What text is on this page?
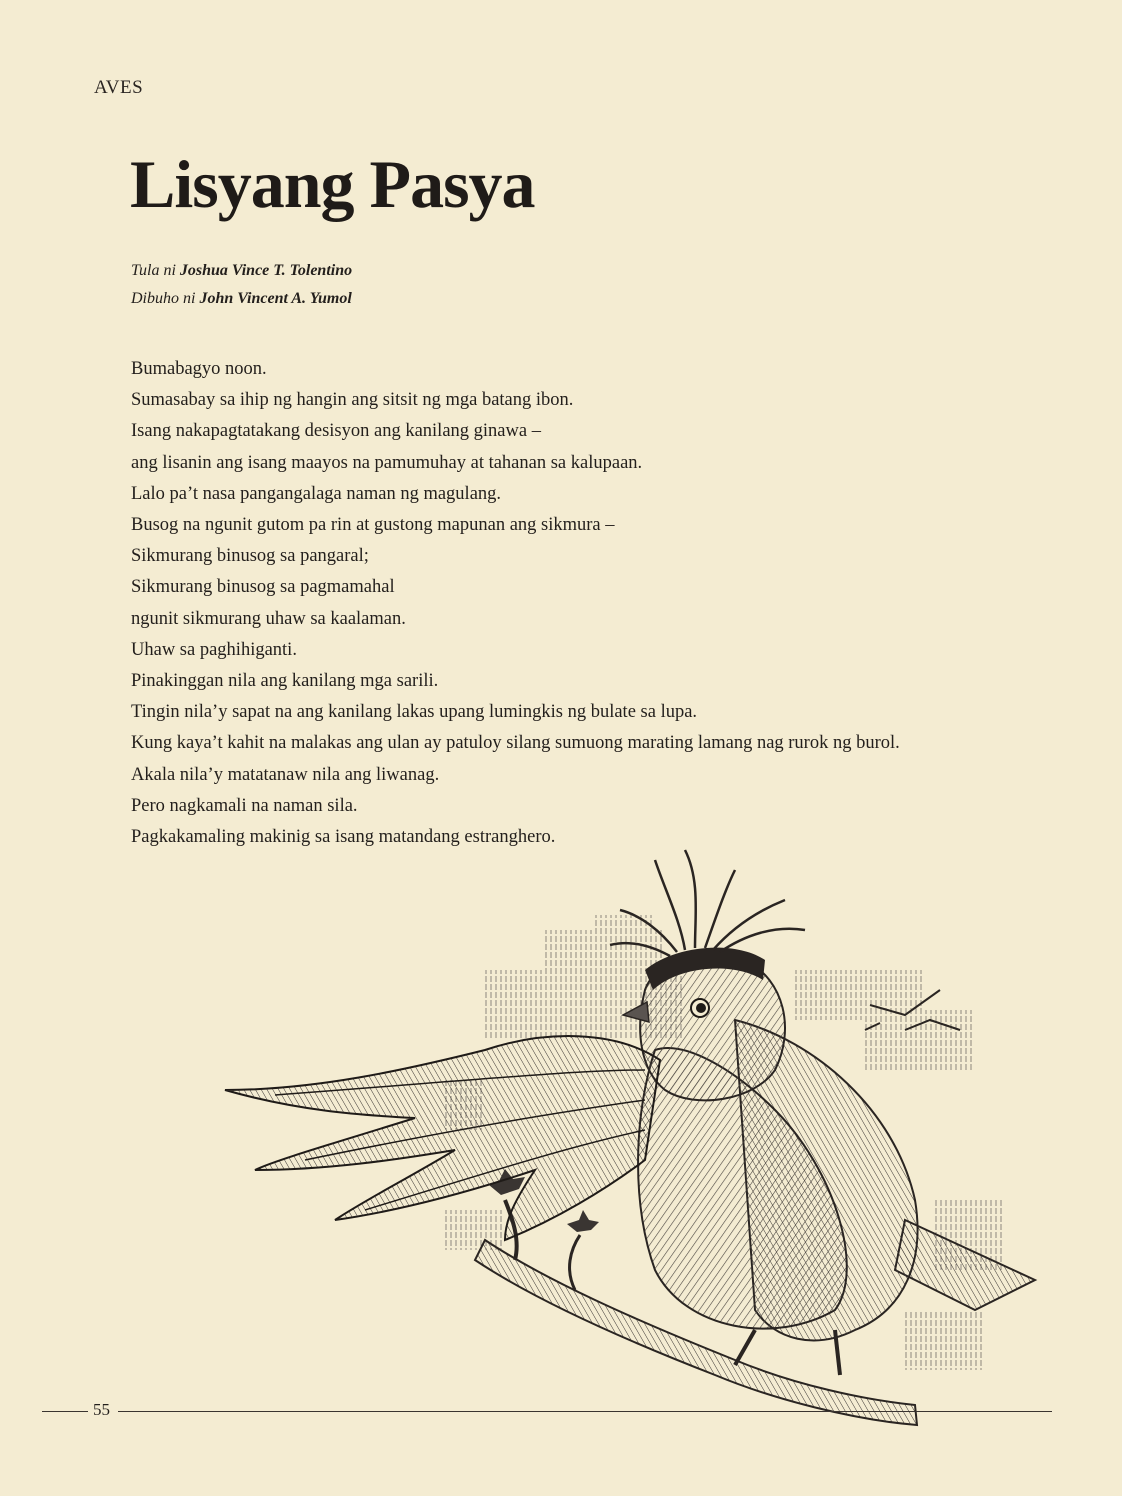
AVES
Lisyang Pasya
Tula ni Joshua Vince T. Tolentino
Dibuho ni John Vincent A. Yumol
Bumabagyo noon.
Sumasabay sa ihip ng hangin ang sitsit ng mga batang ibon.
Isang nakapagtatakang desisyon ang kanilang ginawa –
ang lisanin ang isang maayos na pamumuhay at tahanan sa kalupaan.
Lalo pa’t nasa pangangalaga naman ng magulang.
Busog na ngunit gutom pa rin at gustong mapunan ang sikmura –
Sikmurang binusog sa pangaral;
Sikmurang binusog sa pagmamahal
ngunit sikmurang uhaw sa kaalaman.
Uhaw sa paghihiganti.
Pinakinggan nila ang kanilang mga sarili.
Tingin nila’y sapat na ang kanilang lakas upang lumingkis ng bulate sa lupa.
Kung kaya’t kahit na malakas ang ulan ay patuloy silang sumuong marating lamang nag rurok ng burol.
Akala nila’y matatanaw nila ang liwanag.
Pero nagkamali na naman sila.
Pagkakamaling makinig sa isang matandang estranghero.
55
